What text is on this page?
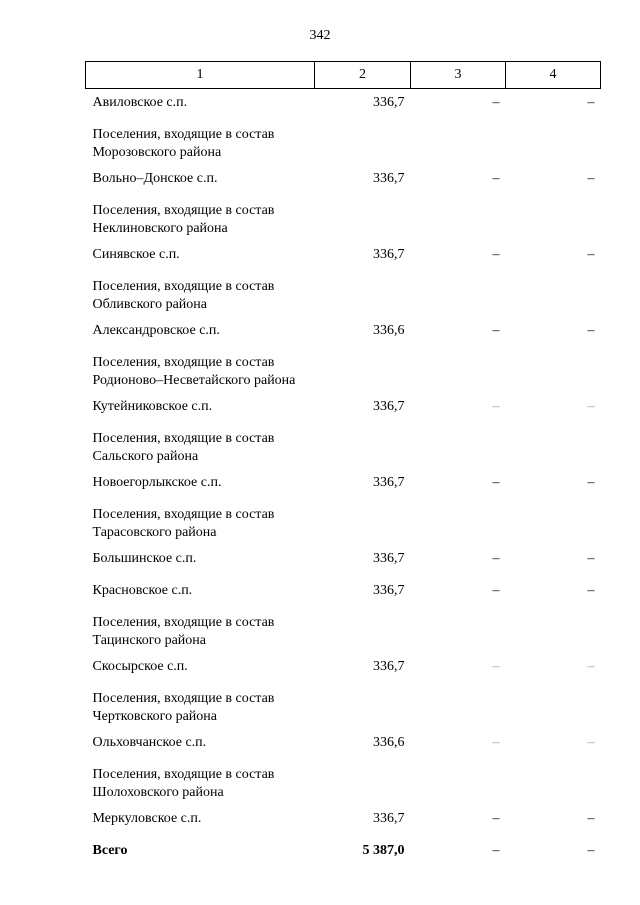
342
1	2	3	4
Авиловское с.п.	336,7	–	–
Поселения, входящие в состав Морозовского района			
Вольно–Донское с.п.	336,7	–	–
Поселения, входящие в состав Неклиновского района			
Синявское с.п.	336,7	–	–
Поселения, входящие в состав Обливского района			
Александровское с.п.	336,6	–	–
Поселения, входящие в состав Родионово–Несветайского района			
Кутейниковское с.п.	336,7	–	–
Поселения, входящие в состав Сальского района			
Новоегорлыкское с.п.	336,7	–	–
Поселения, входящие в состав Тарасовского района			
Большинское с.п.	336,7	–	–
Красновское с.п.	336,7	–	–
Поселения, входящие в состав Тацинского района			
Скосырское с.п.	336,7	–	–
Поселения, входящие в состав Чертковского района			
Ольховчанское с.п.	336,6	–	–
Поселения, входящие в состав Шолоховского района			
Меркуловское с.п.	336,7	–	–
Всего	5 387,0	–	–
